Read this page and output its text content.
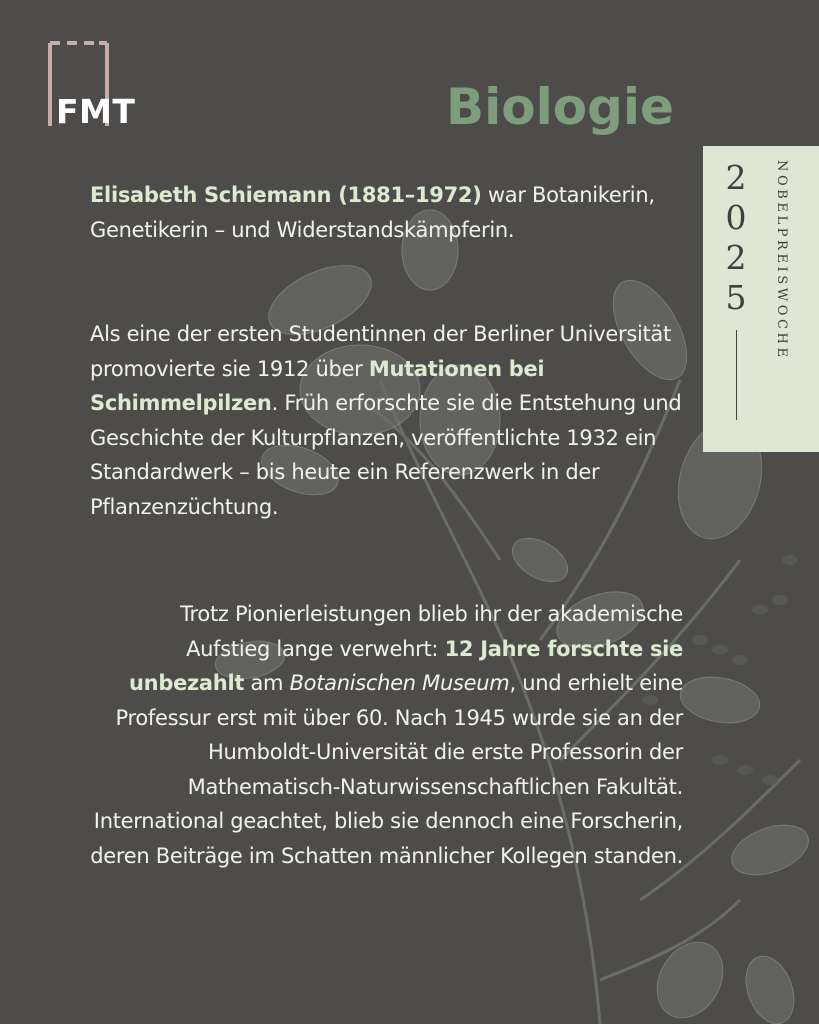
FMT	Biologie
2
0
2
5	NOBELPREISWOCHE
Elisabeth Schiemann (1881–1972) war Botanikerin, Genetikerin – und Widerstandskämpferin.
Als eine der ersten Studentinnen der Berliner Universität promovierte sie 1912 über Mutationen bei Schimmelpilzen. Früh erforschte sie die Entstehung und Geschichte der Kulturpflanzen, veröffentlichte 1932 ein Standardwerk – bis heute ein Referenzwerk in der Pflanzenzüchtung.
Trotz Pionierleistungen blieb ihr der akademische Aufstieg lange verwehrt: 12 Jahre forschte sie unbezahlt am Botanischen Museum, und erhielt eine Professur erst mit über 60. Nach 1945 wurde sie an der Humboldt-Universität die erste Professorin der Mathematisch-Naturwissenschaftlichen Fakultät. International geachtet, blieb sie dennoch eine Forscherin, deren Beiträge im Schatten männlicher Kollegen standen.
